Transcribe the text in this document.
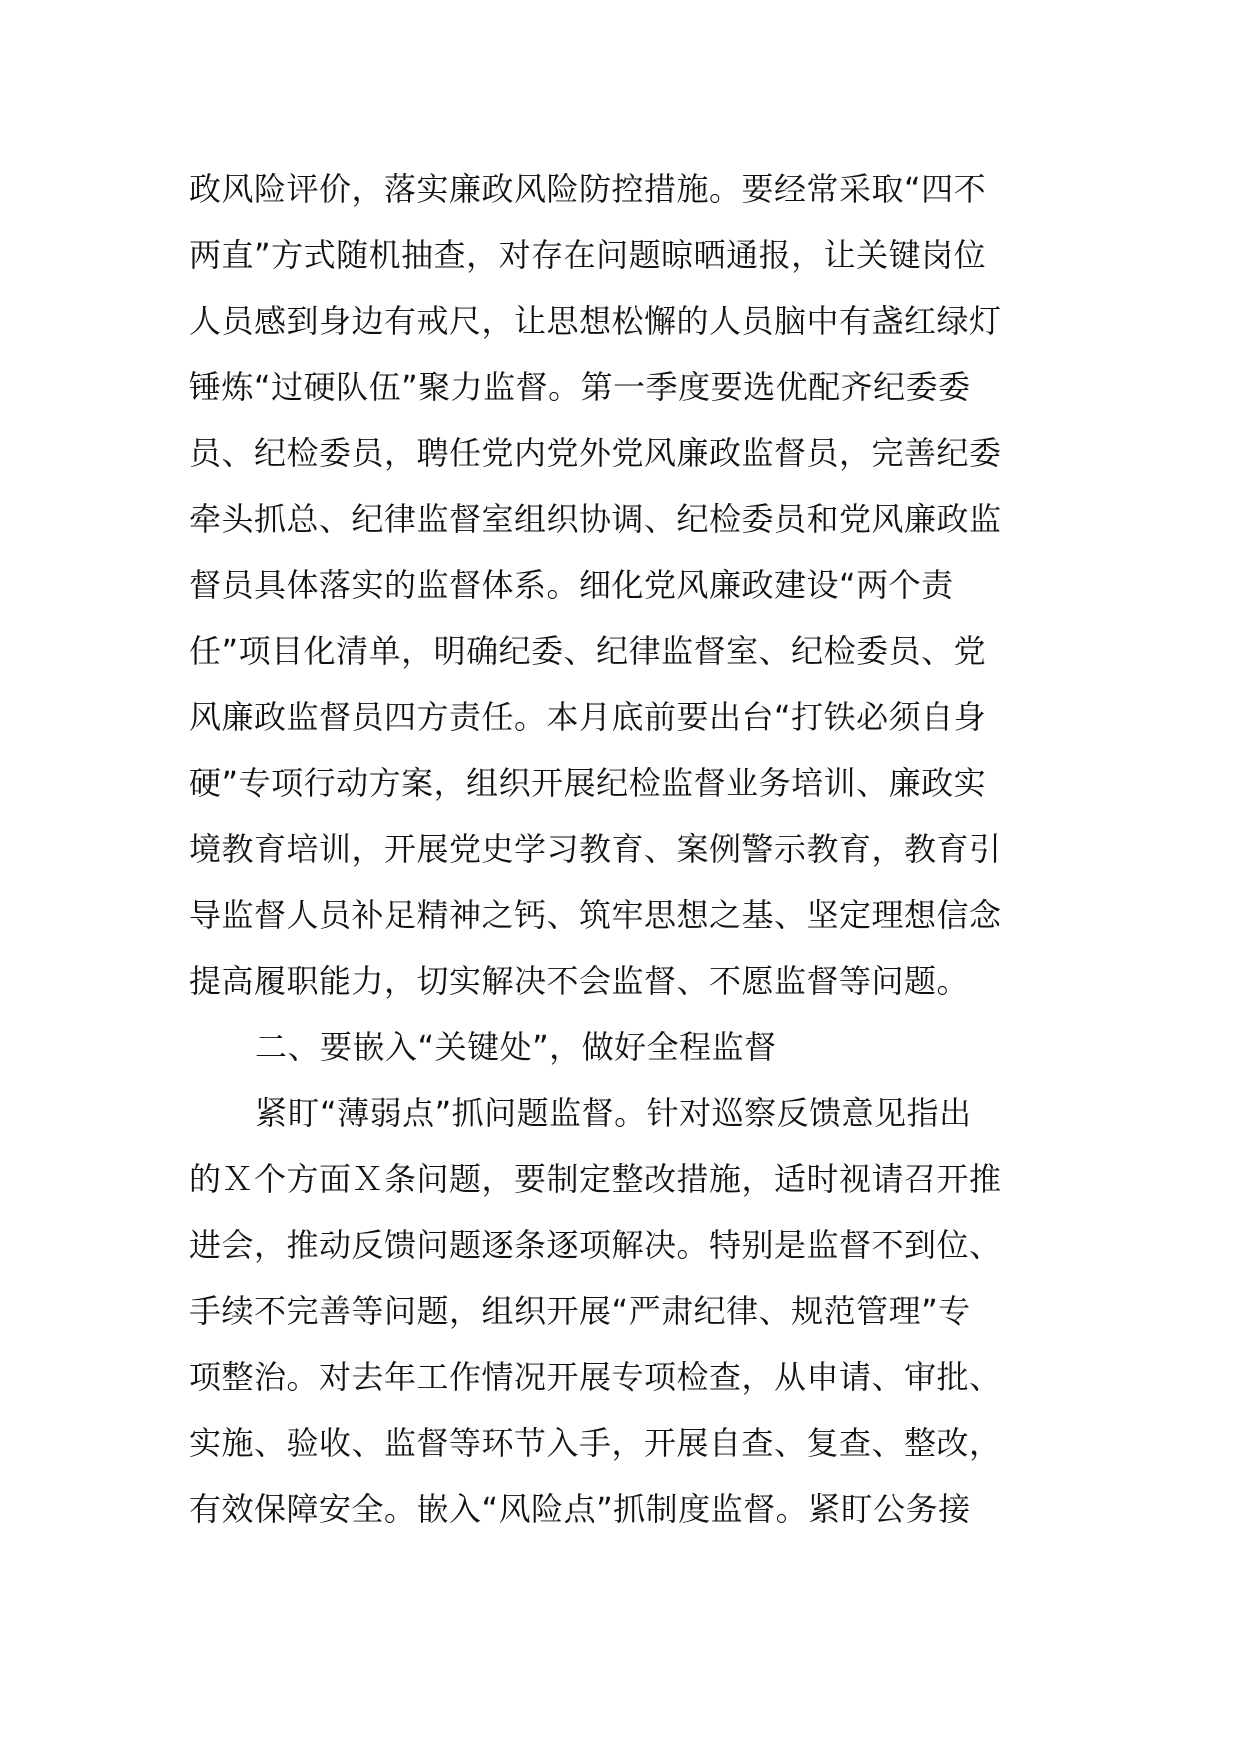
政风险评价，落实廉政风险防控措施。要经常采取“四不
两直”方式随机抽查，对存在问题晾晒通报，让关键岗位
人员感到身边有戒尺，让思想松懈的人员脑中有盏红绿灯
锤炼“过硬队伍”聚力监督。第一季度要选优配齐纪委委
员、纪检委员，聘任党内党外党风廉政监督员，完善纪委
牵头抓总、纪律监督室组织协调、纪检委员和党风廉政监
督员具体落实的监督体系。细化党风廉政建设“两个责
任”项目化清单，明确纪委、纪律监督室、纪检委员、党
风廉政监督员四方责任。本月底前要出台“打铁必须自身
硬”专项行动方案，组织开展纪检监督业务培训、廉政实
境教育培训，开展党史学习教育、案例警示教育，教育引
导监督人员补足精神之钙、筑牢思想之基、坚定理想信念
提高履职能力，切实解决不会监督、不愿监督等问题。
二、要嵌入“关键处”，做好全程监督
紧盯“薄弱点”抓问题监督。针对巡察反馈意见指出
的Ｘ个方面Ｘ条问题，要制定整改措施，适时视请召开推
进会，推动反馈问题逐条逐项解决。特别是监督不到位、
手续不完善等问题，组织开展“严肃纪律、规范管理”专
项整治。对去年工作情况开展专项检查，从申请、审批、
实施、验收、监督等环节入手，开展自查、复查、整改，
有效保障安全。嵌入“风险点”抓制度监督。紧盯公务接
